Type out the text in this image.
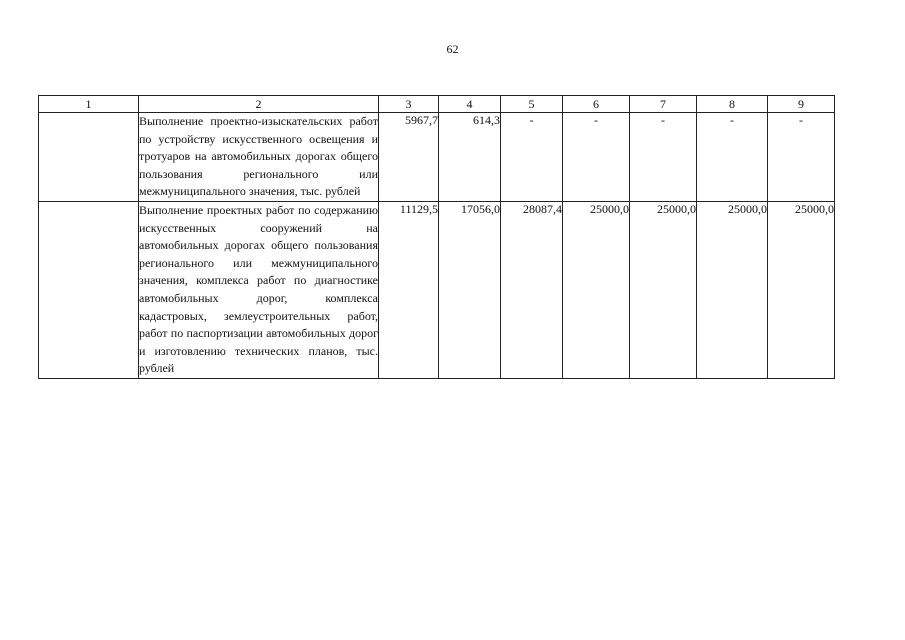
62
1	2	3	4	5	6	7	8	9
	Выполнение проектно-изыскательских работ по устройству искусственного освещения и тротуаров на автомобильных дорогах общего пользования регионального или межмуниципального значения, тыс. рублей	5967,7	614,3	-	-	-	-	-
	Выполнение проектных работ по содержанию искусственных сооружений на автомобильных дорогах общего пользования регионального или межмуниципального значения, комплекса работ по диагностике автомобильных дорог, комплекса кадастровых, землеустроительных работ, работ по паспортизации автомобильных дорог и изготовлению технических планов, тыс. рублей	11129,5	17056,0	28087,4	25000,0	25000,0	25000,0	25000,0
